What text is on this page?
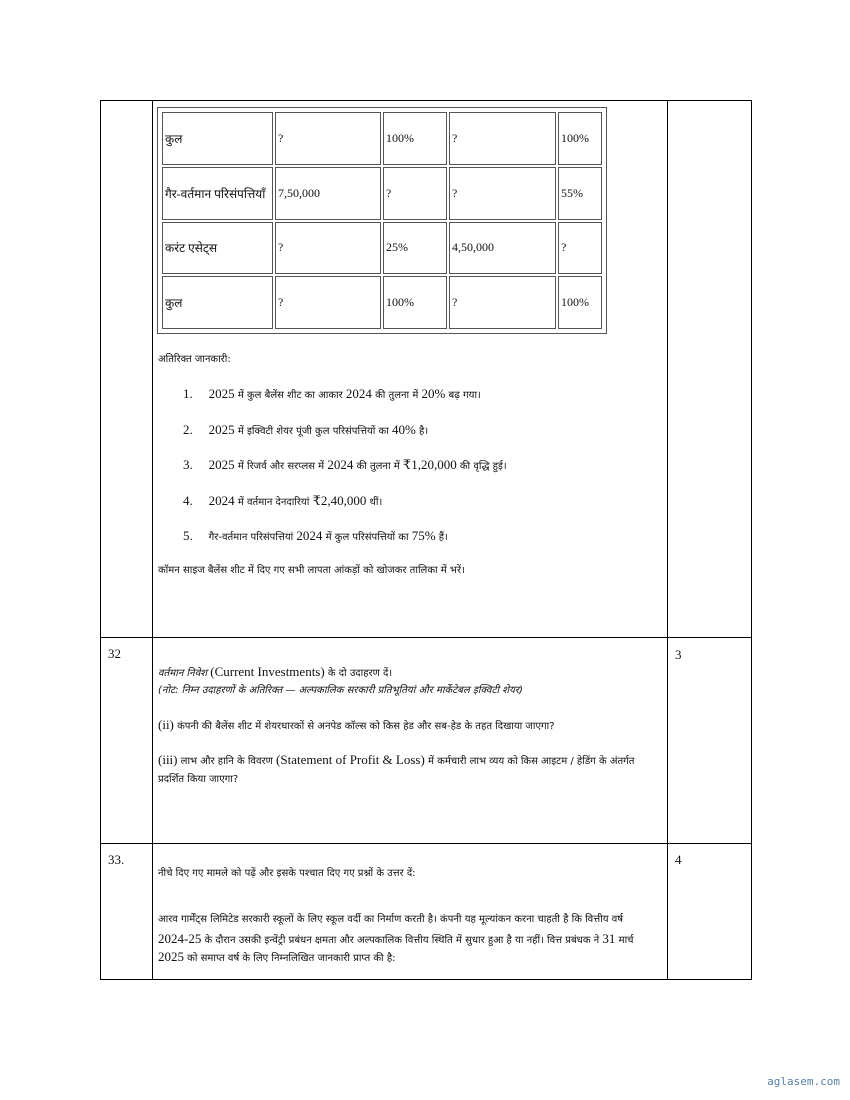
कुल	?	100%	?	100%
गैर-वर्तमान परिसंपत्तियाँ	7,50,000	?	?	55%
करंट एसेट्स	?	25%	4,50,000	?
कुल	?	100%	?	100%
अतिरिक्त जानकारी:
1. 2025 में कुल बैलेंस शीट का आकार 2024 की तुलना में 20% बढ़ गया।
2. 2025 में इक्विटी शेयर पूंजी कुल परिसंपत्तियों का 40% है।
3. 2025 में रिजर्व और सरप्लस में 2024 की तुलना में ₹1,20,000 की वृद्धि हुई।
4. 2024 में वर्तमान देनदारियां ₹2,40,000 थीं।
5. गैर-वर्तमान परिसंपत्तियां 2024 में कुल परिसंपत्तियों का 75% हैं।
कॉमन साइज बैलेंस शीट में दिए गए सभी लापता आंकड़ों को खोजकर तालिका में भरें।
32	3
वर्तमान निवेश (Current Investments) के दो उदाहरण दें।
(नोट: निम्न उदाहरणों के अतिरिक्त — अल्पकालिक सरकारी प्रतिभूतियां और मार्केटेबल इक्विटी शेयर)
(ii) कंपनी की बैलेंस शीट में शेयरधारकों से अनपेड कॉल्स को किस हेड और सब-हेड के तहत दिखाया जाएगा?
(iii) लाभ और हानि के विवरण (Statement of Profit & Loss) में कर्मचारी लाभ व्यय को किस आइटम / हेडिंग के अंतर्गत
प्रदर्शित किया जाएगा?
33.	4
नीचे दिए गए मामले को पढ़ें और इसके पश्चात दिए गए प्रश्नों के उत्तर दें:
आरव गार्मेंट्स लिमिटेड सरकारी स्कूलों के लिए स्कूल वर्दी का निर्माण करती है। कंपनी यह मूल्यांकन करना चाहती है कि वित्तीय वर्ष
2024-25 के दौरान उसकी इन्वेंट्री प्रबंधन क्षमता और अल्पकालिक वित्तीय स्थिति में सुधार हुआ है या नहीं। वित्त प्रबंधक ने 31 मार्च
2025 को समाप्त वर्ष के लिए निम्नलिखित जानकारी प्राप्त की है:
aglasem.com
